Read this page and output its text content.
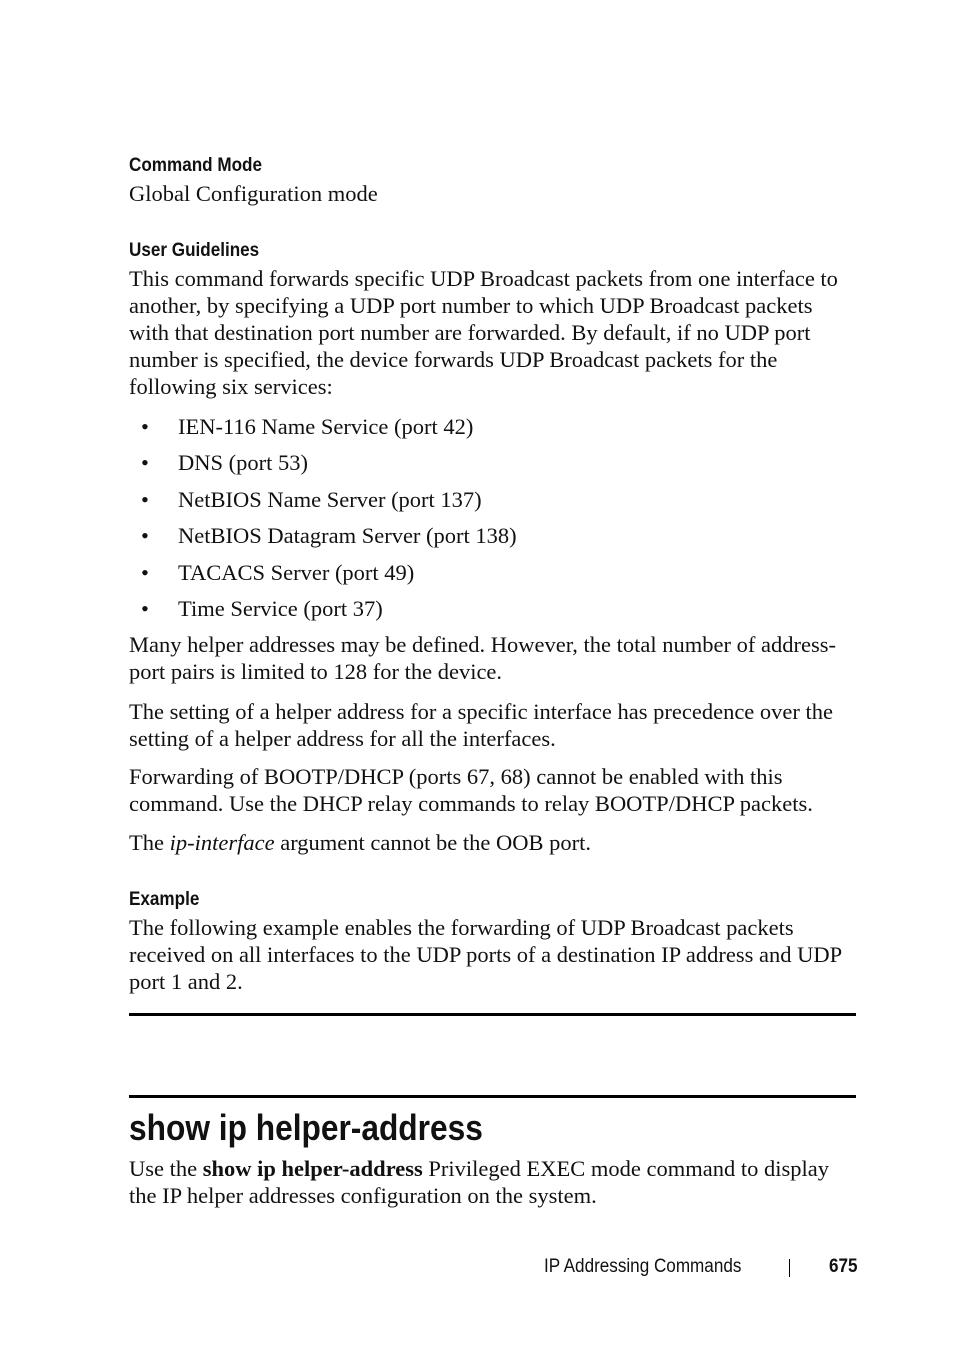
Command Mode

Global Configuration mode

User Guidelines

This command forwards specific UDP Broadcast packets from one interface to another, by specifying a UDP port number to which UDP Broadcast packets with that destination port number are forwarded. By default, if no UDP port number is specified, the device forwards UDP Broadcast packets for the following six services:

• IEN-116 Name Service (port 42)
• DNS (port 53)
• NetBIOS Name Server (port 137)
• NetBIOS Datagram Server (port 138)
• TACACS Server (port 49)
• Time Service (port 37)

Many helper addresses may be defined. However, the total number of address-port pairs is limited to 128 for the device.

The setting of a helper address for a specific interface has precedence over the setting of a helper address for all the interfaces.

Forwarding of BOOTP/DHCP (ports 67, 68) cannot be enabled with this command. Use the DHCP relay commands to relay BOOTP/DHCP packets.

The ip-interface argument cannot be the OOB port.

Example

The following example enables the forwarding of UDP Broadcast packets received on all interfaces to the UDP ports of a destination IP address and UDP port 1 and 2.

show ip helper-address

Use the show ip helper-address Privileged EXEC mode command to display the IP helper addresses configuration on the system.

IP Addressing Commands	675
